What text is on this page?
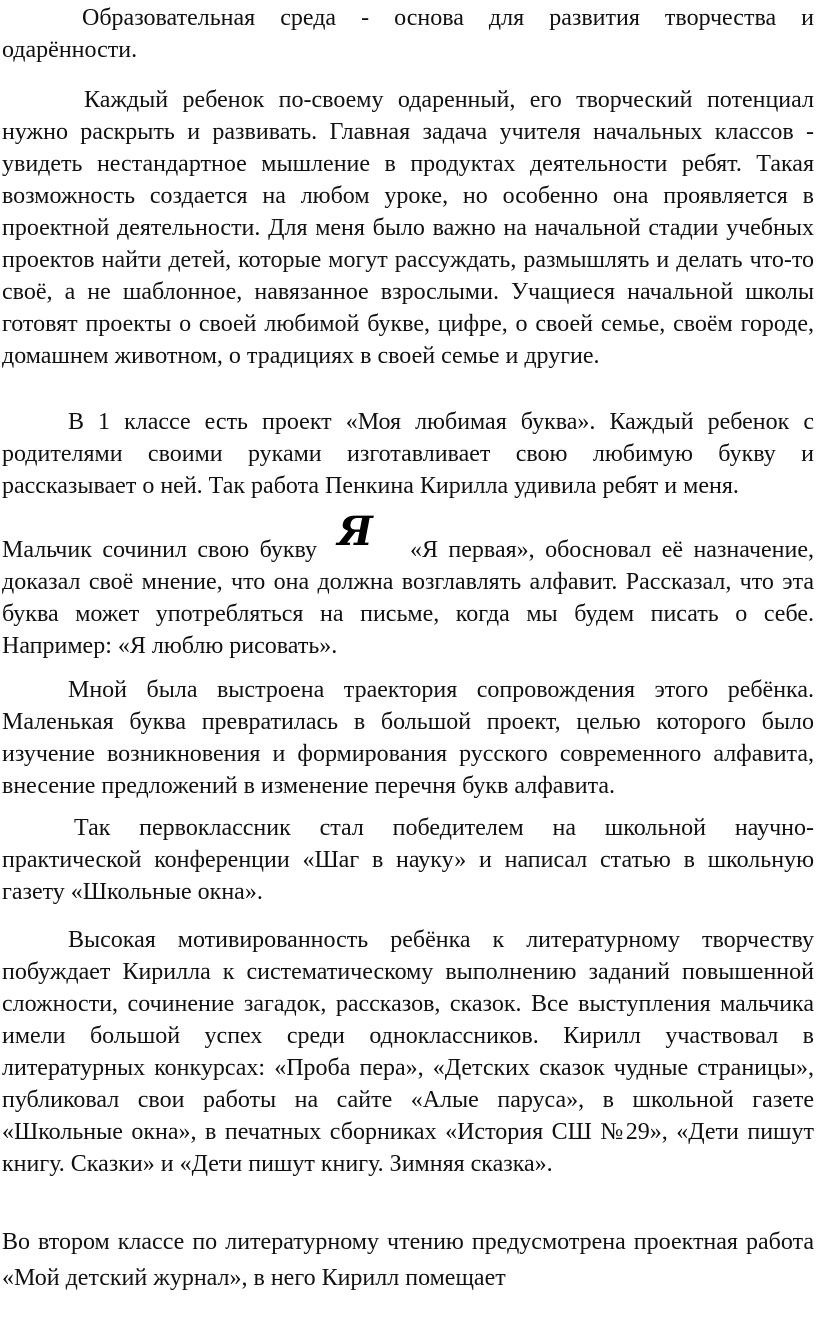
Образовательная среда - основа для развития творчества и одарённости.

Каждый ребенок по-своему одаренный, его творческий потенциал нужно раскрыть и развивать. Главная задача учителя начальных классов - увидеть нестандартное мышление в продуктах деятельности ребят. Такая возможность создается на любом уроке, но особенно она проявляется в проектной деятельности. Для меня было важно на начальной стадии учебных проектов найти детей, которые могут рассуждать, размышлять и делать что-то своё, а не шаблонное, навязанное взрослыми. Учащиеся начальной школы готовят проекты о своей любимой букве, цифре, о своей семье, своём городе, домашнем животном, о традициях в своей семье и другие.

В 1 классе есть проект «Моя любимая буква». Каждый ребенок с родителями своими руками изготавливает свою любимую букву и рассказывает о ней. Так работа Пенкина Кирилла удивила ребят и меня.

Мальчик сочинил свою букву Я «Я первая», обосновал её назначение, доказал своё мнение, что она должна возглавлять алфавит. Рассказал, что эта буква может употребляться на письме, когда мы будем писать о себе. Например: «Я люблю рисовать».

Мной была выстроена траектория сопровождения этого ребёнка. Маленькая буква превратилась в большой проект, целью которого было изучение возникновения и формирования русского современного алфавита, внесение предложений в изменение перечня букв алфавита.

Так первоклассник стал победителем на школьной научно-практической конференции «Шаг в науку» и написал статью в школьную газету «Школьные окна».

Высокая мотивированность ребёнка к литературному творчеству побуждает Кирилла к систематическому выполнению заданий повышенной сложности, сочинение загадок, рассказов, сказок. Все выступления мальчика имели большой успех среди одноклассников. Кирилл участвовал в литературных конкурсах: «Проба пера», «Детских сказок чудные страницы», публиковал свои работы на сайте «Алые паруса», в школьной газете «Школьные окна», в печатных сборниках «История СШ №29», «Дети пишут книгу. Сказки» и «Дети пишут книгу. Зимняя сказка».

Во втором классе по литературному чтению предусмотрена проектная работа «Мой детский журнал», в него Кирилл помещает
